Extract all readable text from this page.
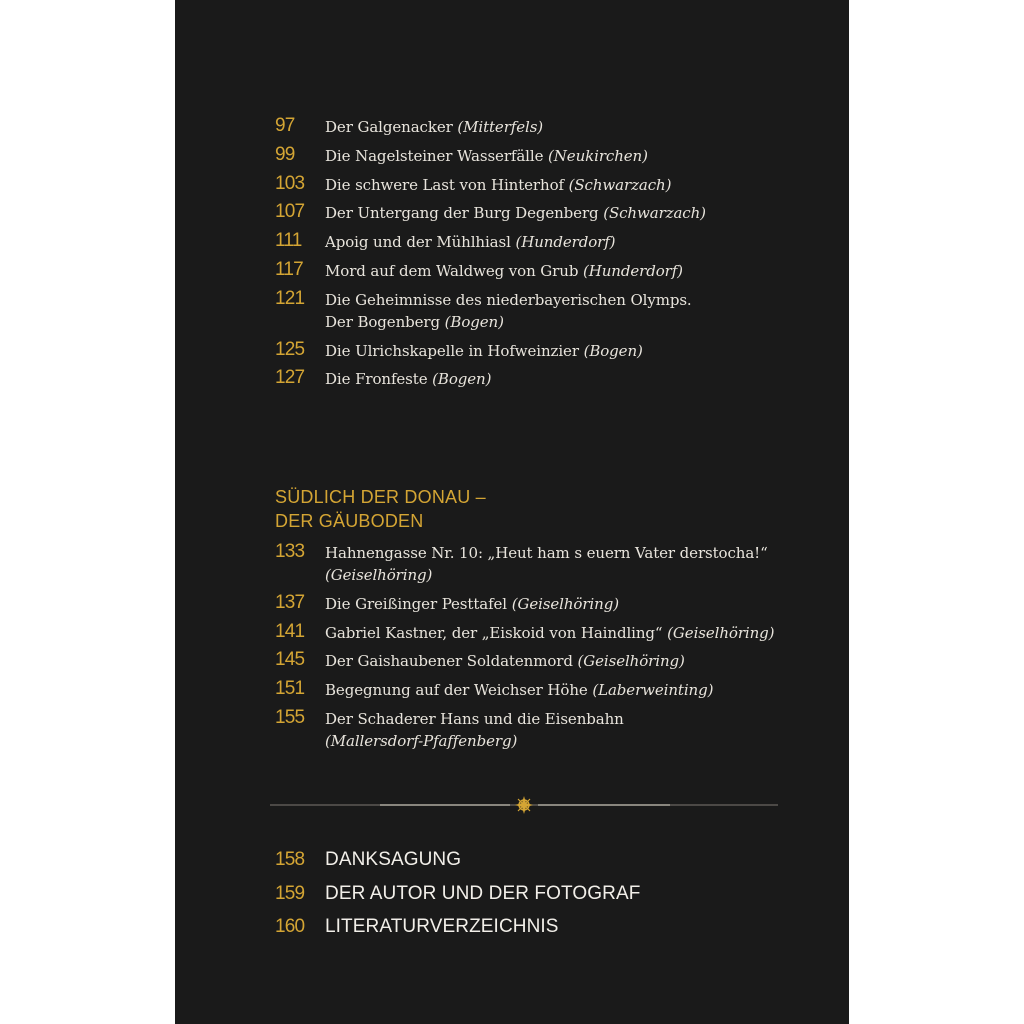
97 Der Galgenacker (Mitterfels)
99 Die Nagelsteiner Wasserfälle (Neukirchen)
103 Die schwere Last von Hinterhof (Schwarzach)
107 Der Untergang der Burg Degenberg (Schwarzach)
111 Apoig und der Mühlhiasl (Hunderdorf)
117 Mord auf dem Waldweg von Grub (Hunderdorf)
121 Die Geheimnisse des niederbayerischen Olymps.
Der Bogenberg (Bogen)
125 Die Ulrichskapelle in Hofweinzier (Bogen)
127 Die Fronfeste (Bogen)
SÜDLICH DER DONAU –
DER GÄUBODEN
133 Hahnengasse Nr. 10: „Heut ham s euern Vater derstocha!“
(Geiselhöring)
137 Die Greißinger Pesttafel (Geiselhöring)
141 Gabriel Kastner, der „Eiskoid von Haindling“ (Geiselhöring)
145 Der Gaishaubener Soldatenmord (Geiselhöring)
151 Begegnung auf der Weichser Höhe (Laberweinting)
155 Der Schaderer Hans und die Eisenbahn
(Mallersdorf-Pfaffenberg)
158 DANKSAGUNG
159 DER AUTOR UND DER FOTOGRAF
160 LITERATURVERZEICHNIS
